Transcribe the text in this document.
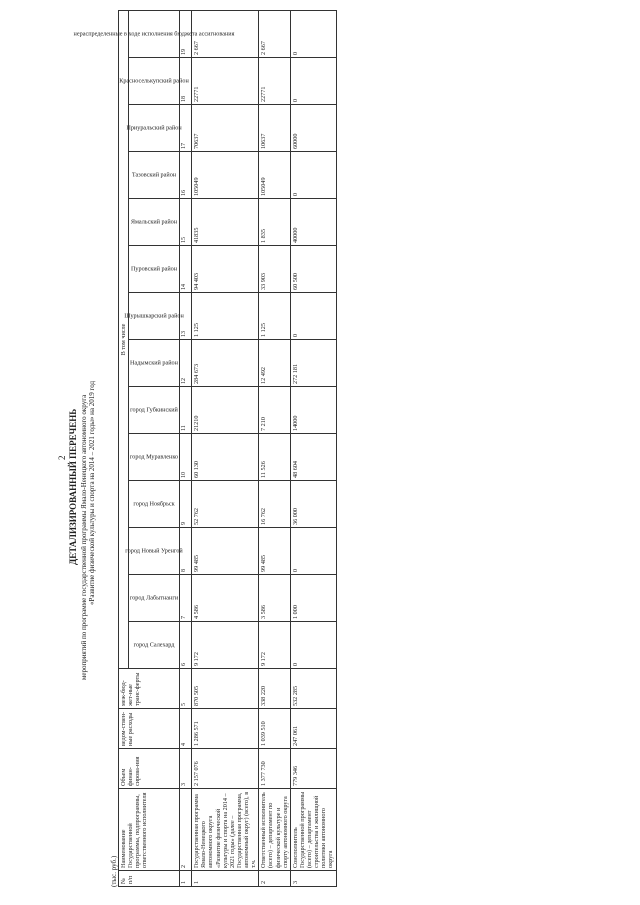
2 ДЕТАЛИЗИРОВАННЫЙ ПЕРЕЧЕНЬ мероприятий по программе государственной программы Ямало-Ненецкого автономного округа «Развитие физической культуры и спорта на 2014 – 2021 годы» на 2019 год
(тыс. руб.) № п/п	Наименование Государственной программы, подпрограммы, ответственного исполнителя	Объем финан-сирова-ния	ведом-ствен-ные расходы	меж-бюд-жет-ные транс-ферты	В том числе													

					город Салехард	город Лабытнанги	город Новый Уренгой	город Ноябрьск	город Муравленко	город Губкинский	Надымский район	Шурышкарский район	Пуровский район	Ямальский район	Тазовский район	Приуральский район	Красноселькупский район	нераспределенные в ходе исполнения бюджета ассигнования

1	2	3	4	5	6	7	8	9	10	11	12	13	14	15	16	17	18	19
1	Государственная программа Ямало-Ненецкого автономного округа «Развитие физической культуры и спорта на 2014 – 2021 годы» (далее – Государственная программа, автономный округ) (всего), в т.ч.	2 157 076	1 286 571	870 505	9 172	4 586	99 485	52 762	60 130	21210	284 673	1 125	94 403	41835	105049	70637	22771	2 667
2	Ответственный исполнитель (всего) – департамент по физической культуре и спорту автономного округа	1 377 730	1 039 510	338 220	9 172	3 586	99 485	16 762	11 526	7 210	12 492	1 125	33 903	1 835	105049	10637	22771	2 667
3	Соисполнитель Государственной программы (всего) – департамент строительства и жилищной политики автономного округа	779 346	247 061	532 285	0	1 000	0	36 000	48 604	14000	272 181	0	60 500	40000	0	60000	0	0
